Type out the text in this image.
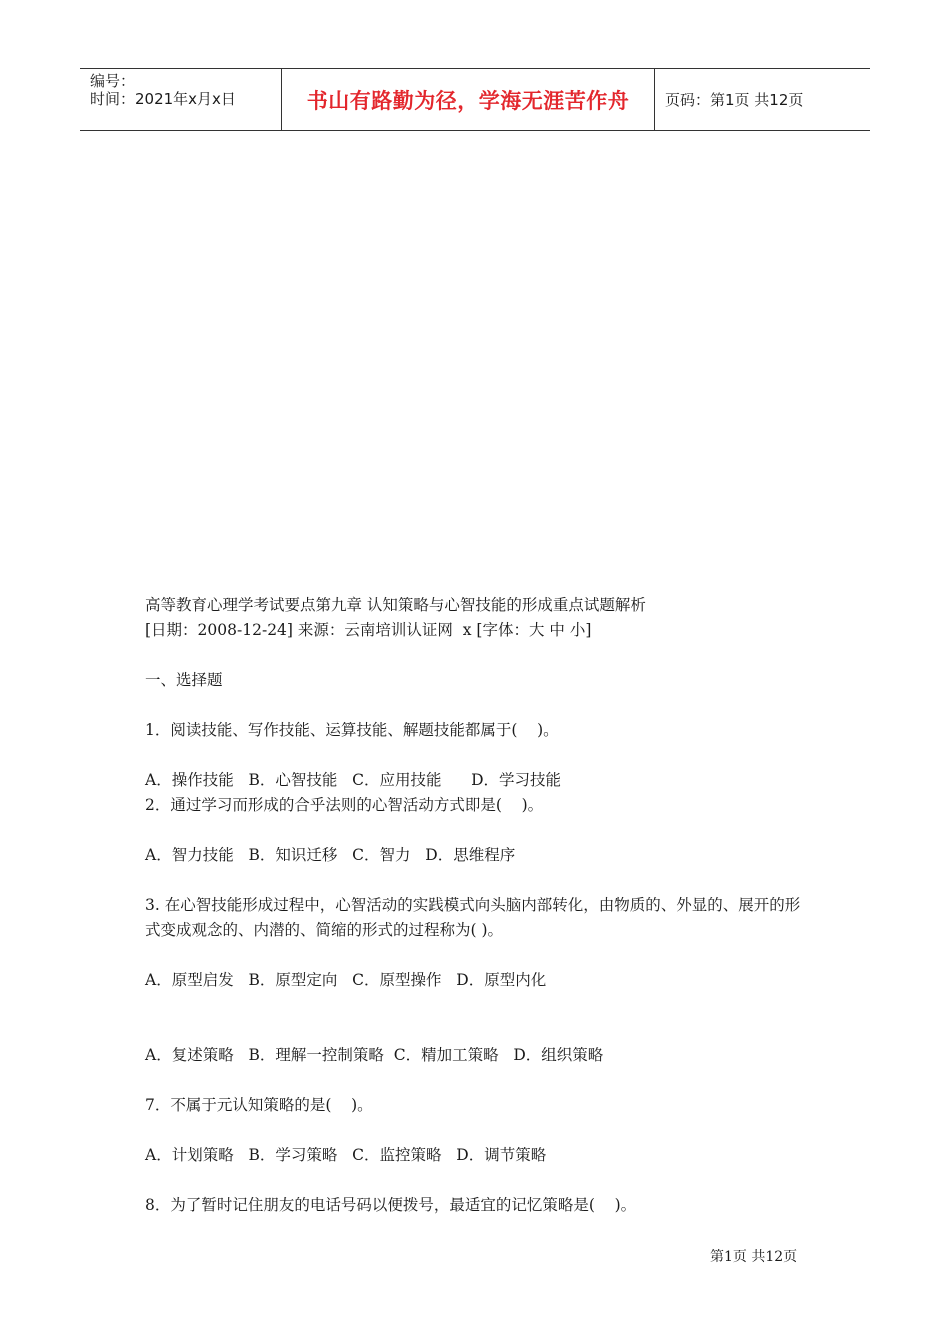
编号：
时间：2021年x月x日	书山有路勤为径，学海无涯苦作舟 页码：第1页 共12页
高等教育心理学考试要点第九章 认知策略与心智技能的形成重点试题解析
[日期：2008-12-24] 来源：云南培训认证网  x [字体：大 中 小]
一、选择题
1．阅读技能、写作技能、运算技能、解题技能都属于(    )。
A．操作技能   B．心智技能   C．应用技能      D．学习技能
2．通过学习而形成的合乎法则的心智活动方式即是(    )。
A．智力技能   B．知识迁移   C．智力   D．思维程序
3. 在心智技能形成过程中，心智活动的实践模式向头脑内部转化，由物质的、外显的、展开的形式变成观念的、内潜的、简缩的形式的过程称为( )。
A．原型启发   B．原型定向   C．原型操作   D．原型内化
A．复述策略   B．理解一控制策略  C．精加工策略   D．组织策略
7．不属于元认知策略的是(    )。
A．计划策略   B．学习策略   C．监控策略   D．调节策略
8．为了暂时记住朋友的电话号码以便拨号，最适宜的记忆策略是(    )。
第1页 共12页
